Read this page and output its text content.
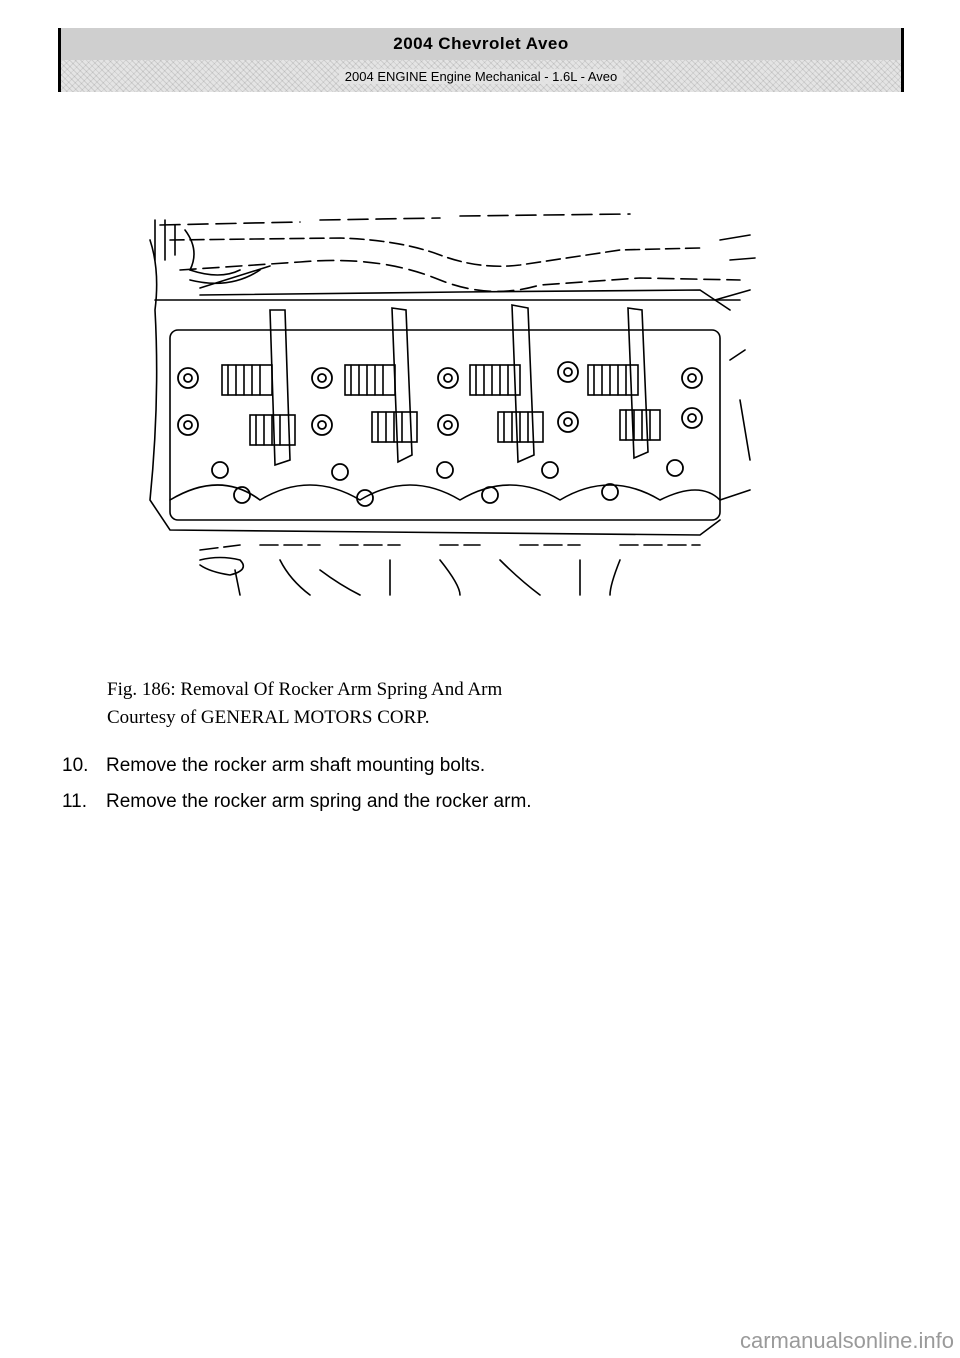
2004 Chevrolet Aveo
2004 ENGINE Engine Mechanical - 1.6L - Aveo
Fig. 186: Removal Of Rocker Arm Spring And Arm
Courtesy of GENERAL MOTORS CORP.
10. Remove the rocker arm shaft mounting bolts.
11. Remove the rocker arm spring and the rocker arm.
carmanualsonline.info
